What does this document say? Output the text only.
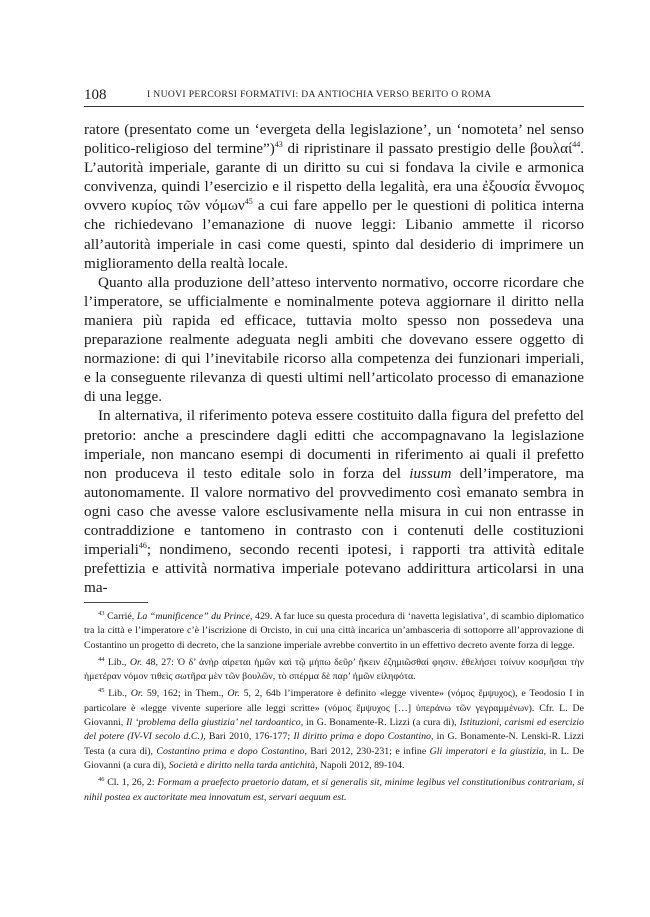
108	I NUOVI PERCORSI FORMATIVI: DA ANTIOCHIA VERSO BERITO O ROMA

ratore (presentato come un ‘evergeta della legislazione’, un ‘nomoteta’ nel senso politico-religioso del termine”)$^{43}$ di ripristinare il passato prestigio delle βουλαί$^{44}$. L’autorità imperiale, garante di un diritto su cui si fondava la civile e armonica convivenza, quindi l’esercizio e il rispetto della legalità, era una ἐξουσία ἔννομος ovvero κυρίος τῶν νόμων$^{45}$ a cui fare appello per le questioni di politica interna che richiedevano l’emanazione di nuove leggi: Libanio ammette il ricorso all’autorità imperiale in casi come questi, spinto dal desiderio di imprimere un miglioramento della realtà locale.

Quanto alla produzione dell’atteso intervento normativo, occorre ricordare che l’imperatore, se ufficialmente e nominalmente poteva aggiornare il diritto nella maniera più rapida ed efficace, tuttavia molto spesso non possedeva una preparazione realmente adeguata negli ambiti che dovevano essere oggetto di normazione: di qui l’inevitabile ricorso alla competenza dei funzionari imperiali, e la conseguente rilevanza di questi ultimi nell’articolato processo di emanazione di una legge.

In alternativa, il riferimento poteva essere costituito dalla figura del prefetto del pretorio: anche a prescindere dagli editti che accompagnavano la legislazione imperiale, non mancano esempi di documenti in riferimento ai quali il prefetto non produceva il testo editale solo in forza del iussum dell’imperatore, ma autonomamente. Il valore normativo del provvedimento così emanato sembra in ogni caso che avesse valore esclusivamente nella misura in cui non entrasse in contraddizione e tantomeno in contrasto con i contenuti delle costituzioni imperiali$^{46}$; nondimeno, secondo recenti ipotesi, i rapporti tra attività editale prefettizia e attività normativa imperiale potevano addirittura articolarsi in una ma-

$^{43}$ Carrié, La “munificence” du Prince, 429. A far luce su questa procedura di ‘navetta legislativa’, di scambio diplomatico tra la città e l’imperatore c’è l’iscrizione di Orcisto, in cui una città incarica un’ambasceria di sottoporre all’approvazione di Costantino un progetto di decreto, che la sanzione imperiale avrebbe convertito in un effettivo decreto avente forza di legge.

$^{44}$ Lib., Or. 48, 27: Ὁ δ’ ἀνὴρ αἱρεται ἡμῶν καὶ τῷ μήπω δεῦρ’ ἥκειν ἐζημιῶσθαί φησιν. ἐθελήσει τοίνυν κοσμῆσαι τὴν ἡμετέραν νόμον τιθεὶς σωτῆρα μὲν τῶν βουλῶν, τὸ σπέρμα δὲ παρ’ ἡμῶν εἰληφότα.

$^{45}$ Lib., Or. 59, 162; in Them., Or. 5, 2, 64b l’imperatore è definito «legge vivente» (νόμος ἔμψυχος), e Teodosio I in particolare è «legge vivente superiore alle leggi scritte» (νόμος ἔμψυχος […] ὑπεράνω τῶν γεγραμμένων). Cfr. L. De Giovanni, Il ‘problema della giustizia’ nel tardoantico, in G. Bonamente-R. Lizzi (a cura di), Istituzioni, carismi ed esercizio del potere (IV-VI secolo d.C.), Bari 2010, 176-177; Il diritto prima e dopo Costantino, in G. Bonamente-N. Lenski-R. Lizzi Testa (a cura di), Costantino prima e dopo Costantino, Bari 2012, 230-231; e infine Gli imperatori e la giustizia, in L. De Giovanni (a cura di), Società e diritto nella tarda antichità, Napoli 2012, 89-104.

$^{46}$ Cl. 1, 26, 2: Formam a praefecto praetorio datam, et si generalis sit, minime legibus vel constitutionibus contrariam, si nihil postea ex auctoritate mea innovatum est, servari aequum est.
